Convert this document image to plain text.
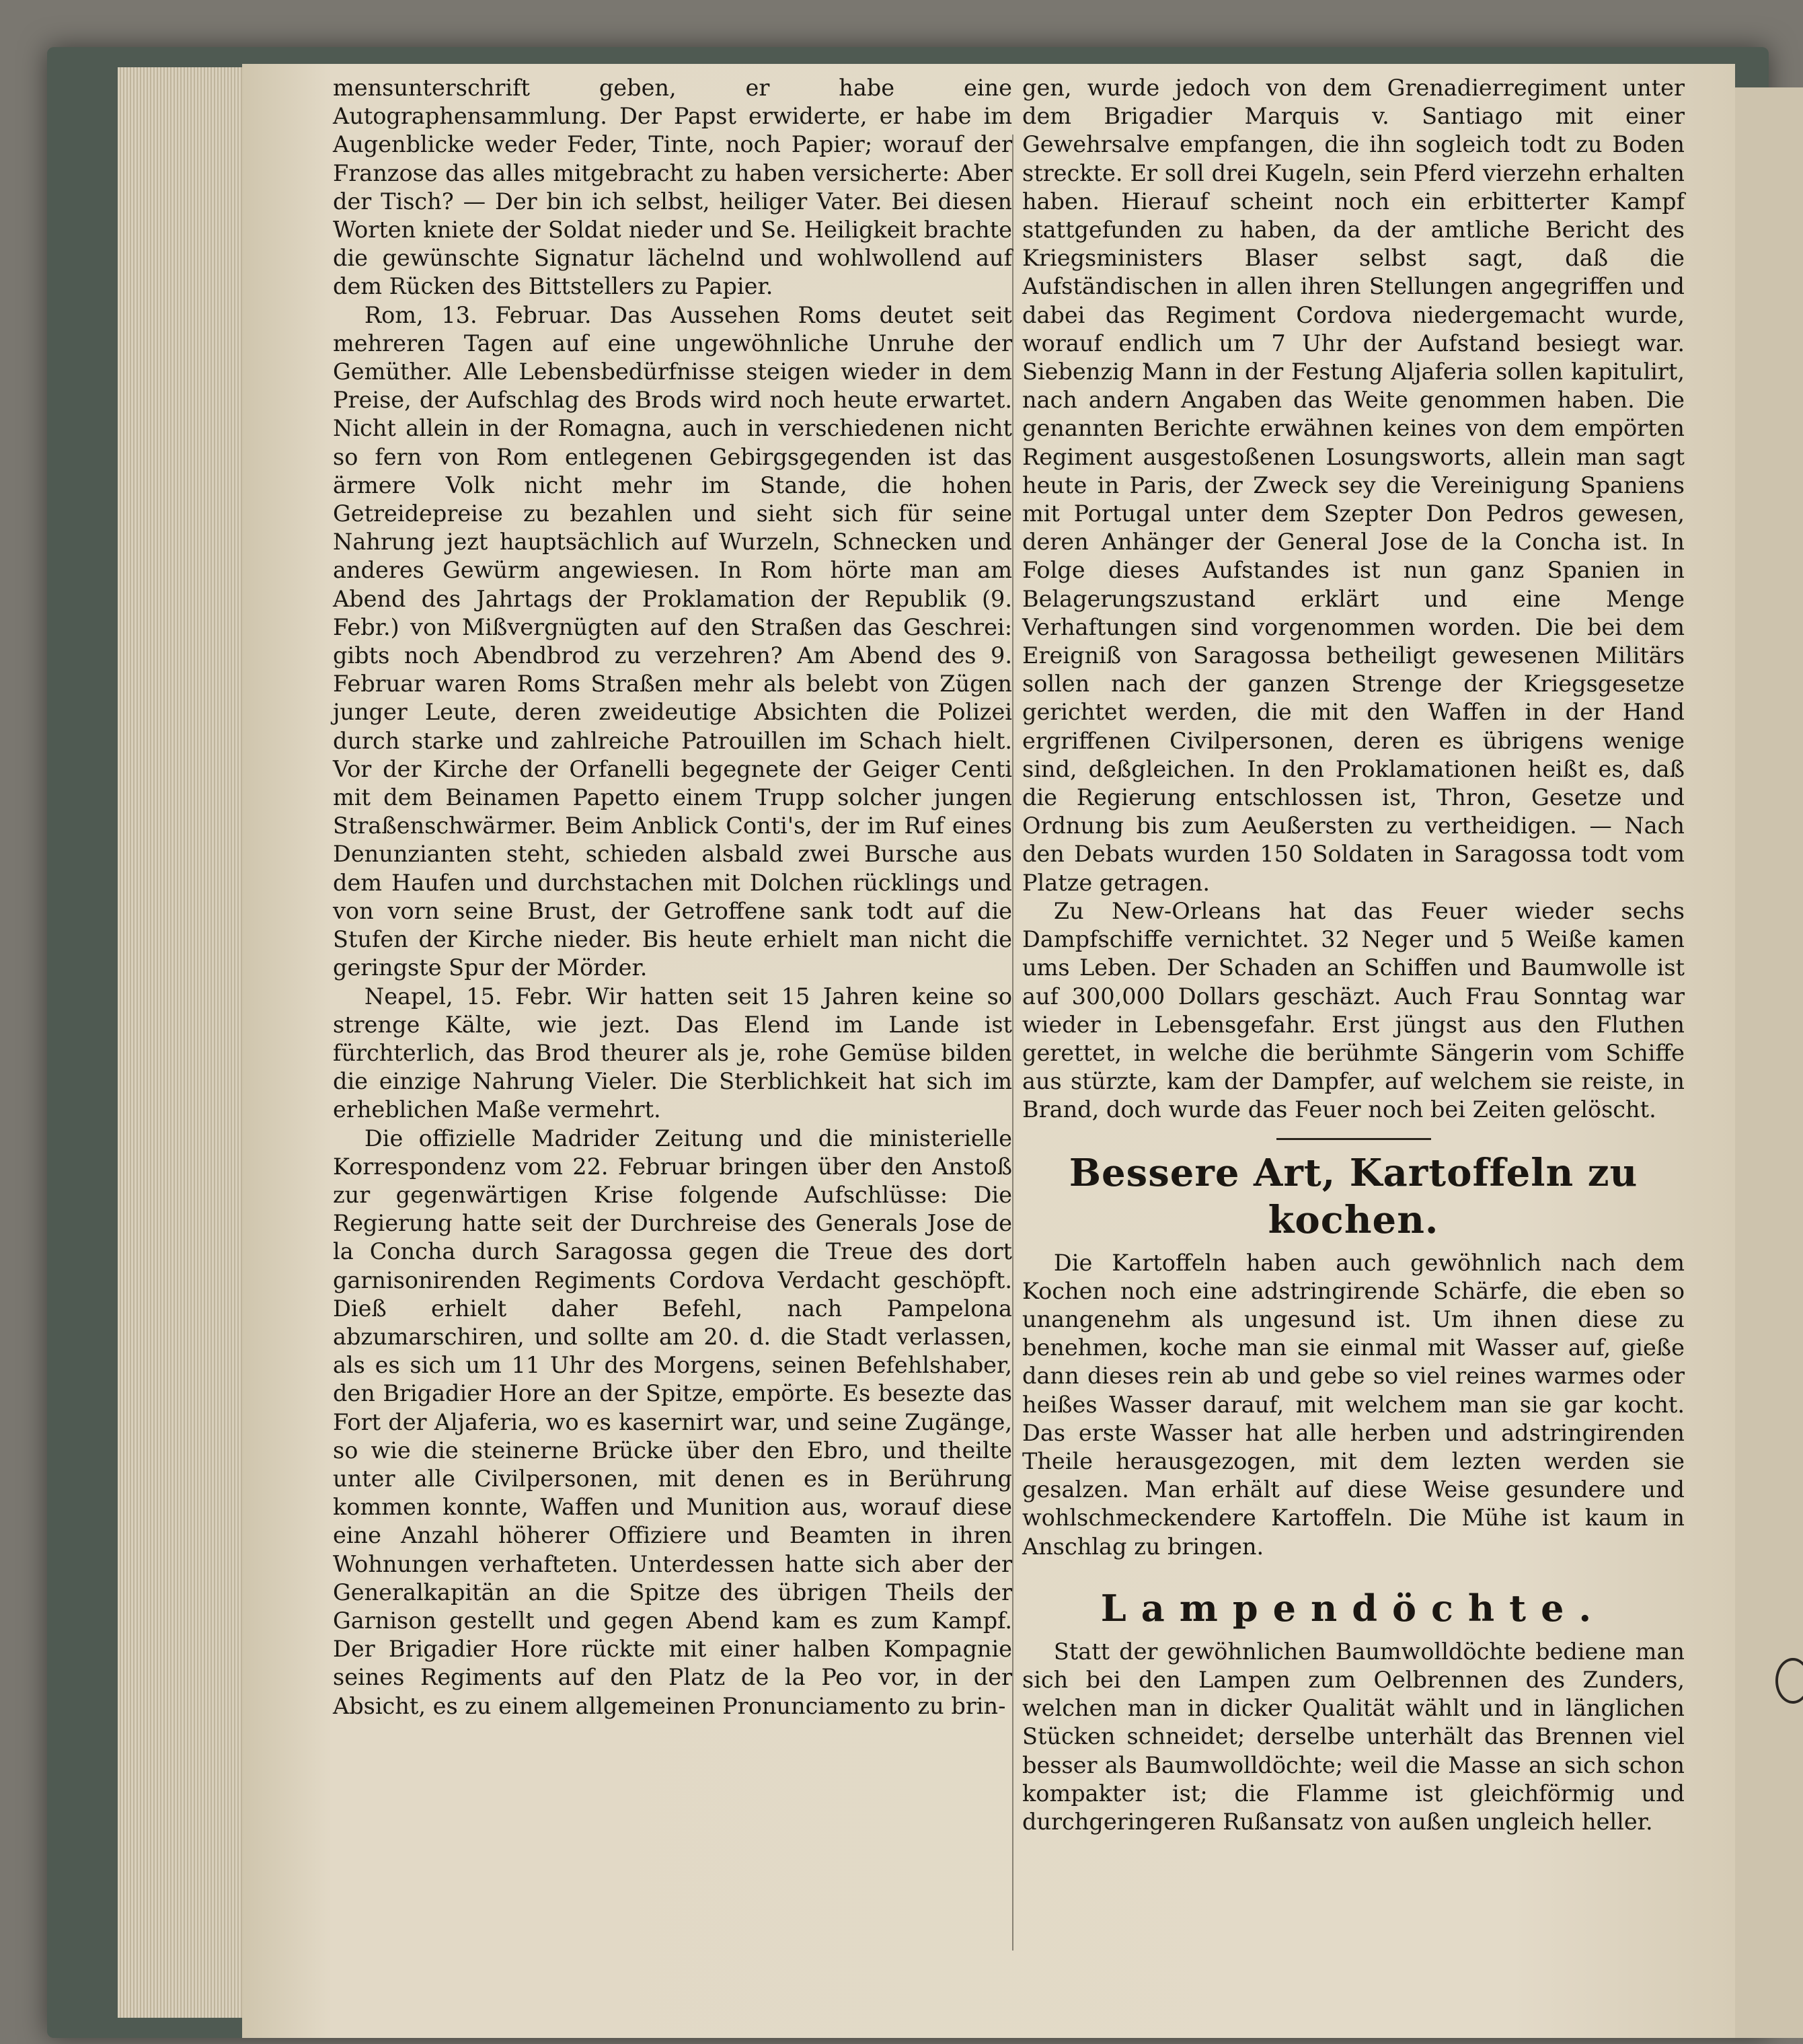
mensunterschrift geben, er habe eine Autographensammlung. Der Papst erwiderte, er habe im Augenblicke weder Feder, Tinte, noch Papier; worauf der Franzose das alles mitgebracht zu haben versicherte: Aber der Tisch? — Der bin ich selbst, heiliger Vater. Bei diesen Worten kniete der Soldat nieder und Se. Heiligkeit brachte die gewünschte Signatur lächelnd und wohlwollend auf dem Rücken des Bittstellers zu Papier.

Rom, 13. Februar. Das Aussehen Roms deutet seit mehreren Tagen auf eine ungewöhnliche Unruhe der Gemüther. Alle Lebensbedürfnisse steigen wieder in dem Preise, der Aufschlag des Brods wird noch heute erwartet. Nicht allein in der Romagna, auch in verschiedenen nicht so fern von Rom entlegenen Gebirgsgegenden ist das ärmere Volk nicht mehr im Stande, die hohen Getreidepreise zu bezahlen und sieht sich für seine Nahrung jezt hauptsächlich auf Wurzeln, Schnecken und anderes Gewürm angewiesen. In Rom hörte man am Abend des Jahrtags der Proklamation der Republik (9. Febr.) von Mißvergnügten auf den Straßen das Geschrei: gibts noch Abendbrod zu verzehren? Am Abend des 9. Februar waren Roms Straßen mehr als belebt von Zügen junger Leute, deren zweideutige Absichten die Polizei durch starke und zahlreiche Patrouillen im Schach hielt. Vor der Kirche der Orfanelli begegnete der Geiger Centi mit dem Beinamen Papetto einem Trupp solcher jungen Straßenschwärmer. Beim Anblick Conti's, der im Ruf eines Denunzianten steht, schieden alsbald zwei Bursche aus dem Haufen und durchstachen mit Dolchen rücklings und von vorn seine Brust, der Getroffene sank todt auf die Stufen der Kirche nieder. Bis heute erhielt man nicht die geringste Spur der Mörder.

Neapel, 15. Febr. Wir hatten seit 15 Jahren keine so strenge Kälte, wie jezt. Das Elend im Lande ist fürchterlich, das Brod theurer als je, rohe Gemüse bilden die einzige Nahrung Vieler. Die Sterblichkeit hat sich im erheblichen Maße vermehrt.

Die offizielle Madrider Zeitung und die ministerielle Korrespondenz vom 22. Februar bringen über den Anstoß zur gegenwärtigen Krise folgende Aufschlüsse: Die Regierung hatte seit der Durchreise des Generals Jose de la Concha durch Saragossa gegen die Treue des dort garnisonirenden Regiments Cordova Verdacht geschöpft. Dieß erhielt daher Befehl, nach Pampelona abzumarschiren, und sollte am 20. d. die Stadt verlassen, als es sich um 11 Uhr des Morgens, seinen Befehlshaber, den Brigadier Hore an der Spitze, empörte. Es besezte das Fort der Aljaferia, wo es kasernirt war, und seine Zugänge, so wie die steinerne Brücke über den Ebro, und theilte unter alle Civilpersonen, mit denen es in Berührung kommen konnte, Waffen und Munition aus, worauf diese eine Anzahl höherer Offiziere und Beamten in ihren Wohnungen verhafteten. Unterdessen hatte sich aber der Generalkapitän an die Spitze des übrigen Theils der Garnison gestellt und gegen Abend kam es zum Kampf. Der Brigadier Hore rückte mit einer halben Kompagnie seines Regiments auf den Platz de la Peo vor, in der Absicht, es zu einem allgemeinen Pronunciamento zu brin-

gen, wurde jedoch von dem Grenadierregiment unter dem Brigadier Marquis v. Santiago mit einer Gewehrsalve empfangen, die ihn sogleich todt zu Boden streckte. Er soll drei Kugeln, sein Pferd vierzehn erhalten haben. Hierauf scheint noch ein erbitterter Kampf stattgefunden zu haben, da der amtliche Bericht des Kriegsministers Blaser selbst sagt, daß die Aufständischen in allen ihren Stellungen angegriffen und dabei das Regiment Cordova niedergemacht wurde, worauf endlich um 7 Uhr der Aufstand besiegt war. Siebenzig Mann in der Festung Aljaferia sollen kapitulirt, nach andern Angaben das Weite genommen haben. Die genannten Berichte erwähnen keines von dem empörten Regiment ausgestoßenen Losungsworts, allein man sagt heute in Paris, der Zweck sey die Vereinigung Spaniens mit Portugal unter dem Szepter Don Pedros gewesen, deren Anhänger der General Jose de la Concha ist. In Folge dieses Aufstandes ist nun ganz Spanien in Belagerungszustand erklärt und eine Menge Verhaftungen sind vorgenommen worden. Die bei dem Ereigniß von Saragossa betheiligt gewesenen Militärs sollen nach der ganzen Strenge der Kriegsgesetze gerichtet werden, die mit den Waffen in der Hand ergriffenen Civilpersonen, deren es übrigens wenige sind, deßgleichen. In den Proklamationen heißt es, daß die Regierung entschlossen ist, Thron, Gesetze und Ordnung bis zum Aeußersten zu vertheidigen. — Nach den Debats wurden 150 Soldaten in Saragossa todt vom Platze getragen.

Zu New-Orleans hat das Feuer wieder sechs Dampfschiffe vernichtet. 32 Neger und 5 Weiße kamen ums Leben. Der Schaden an Schiffen und Baumwolle ist auf 300,000 Dollars geschäzt. Auch Frau Sonntag war wieder in Lebensgefahr. Erst jüngst aus den Fluthen gerettet, in welche die berühmte Sängerin vom Schiffe aus stürzte, kam der Dampfer, auf welchem sie reiste, in Brand, doch wurde das Feuer noch bei Zeiten gelöscht.

Bessere Art, Kartoffeln zu kochen.

Die Kartoffeln haben auch gewöhnlich nach dem Kochen noch eine adstringirende Schärfe, die eben so unangenehm als ungesund ist. Um ihnen diese zu benehmen, koche man sie einmal mit Wasser auf, gieße dann dieses rein ab und gebe so viel reines warmes oder heißes Wasser darauf, mit welchem man sie gar kocht. Das erste Wasser hat alle herben und adstringirenden Theile herausgezogen, mit dem lezten werden sie gesalzen. Man erhält auf diese Weise gesundere und wohlschmeckendere Kartoffeln. Die Mühe ist kaum in Anschlag zu bringen.

Lampendöchte.

Statt der gewöhnlichen Baumwolldöchte bediene man sich bei den Lampen zum Oelbrennen des Zunders, welchen man in dicker Qualität wählt und in länglichen Stücken schneidet; derselbe unterhält das Brennen viel besser als Baumwolldöchte; weil die Masse an sich schon kompakter ist; die Flamme ist gleichförmig und durchgeringeren Rußansatz von außen ungleich heller.
